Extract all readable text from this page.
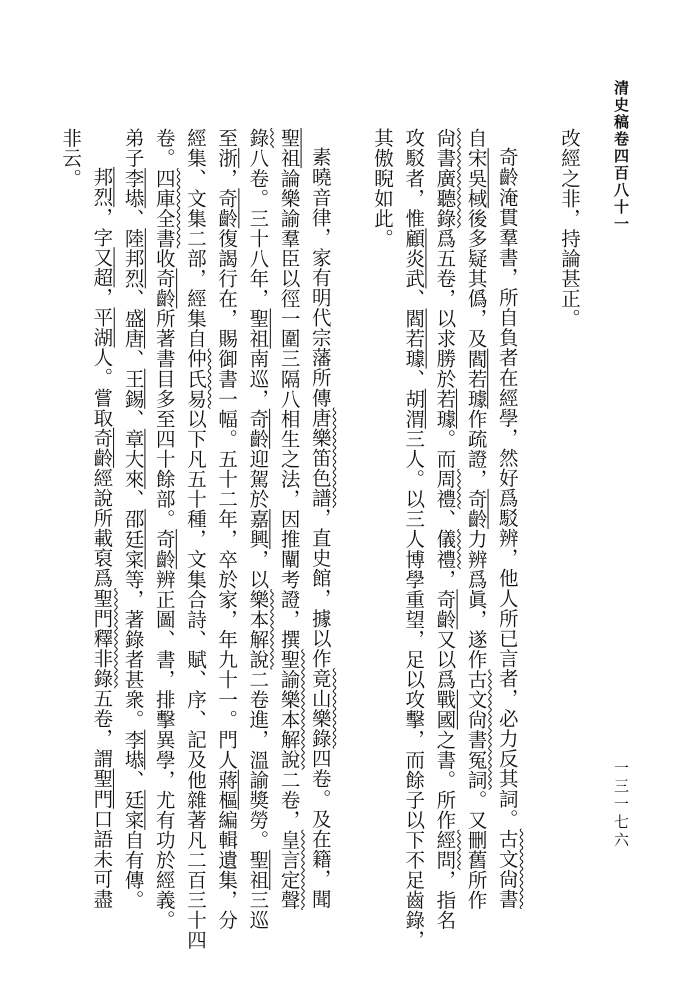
清史稿卷四百八十一
一三一七六
改經之非，持論甚正。
奇齡淹貫羣書，所自負者在經學，然好爲駁辨，他人所已言者，必力反其詞。古文尙書
自宋吳棫後多疑其僞，及閻若璩作疏證，奇齡力辨爲眞，遂作古文尙書冤詞。又刪舊所作
尙書廣聽錄爲五卷，以求勝於若璩。而周禮、儀禮，奇齡又以爲戰國之書。所作經問，指名
攻駁者，惟顧炎武、閻若璩、胡渭三人。以三人博學重望，足以攻擊，而餘子以下不足齒錄，
其傲睨如此。
素曉音律，家有明代宗藩所傳唐樂笛色譜，直史館，據以作竟山樂錄四卷。及在籍，聞
聖祖論樂諭羣臣以徑一圍三隔八相生之法，因推闡考證，撰聖諭樂本解說二卷，皇言定聲
錄八卷。三十八年，聖祖南巡，奇齡迎駕於嘉興，以樂本解說二卷進，溫諭獎勞。聖祖三巡
至浙，奇齡復謁行在，賜御書一幅。五十二年，卒於家，年九十一。門人蔣樞編輯遺集，分
經集、文集二部，經集自仲氏易以下凡五十種，文集合詩、賦、序、記及他雜著凡二百三十四
卷。四庫全書收奇齡所著書目多至四十餘部。奇齡辨正圖、書，排擊異學，尤有功於經義。
弟子李塨、陸邦烈、盛唐、王錫、章大來、邵廷寀等，著錄者甚衆。李塨、廷寀自有傳。
邦烈，字又超，平湖人。嘗取奇齡經說所載裒爲聖門釋非錄五卷，謂聖門口語未可盡
非云。
